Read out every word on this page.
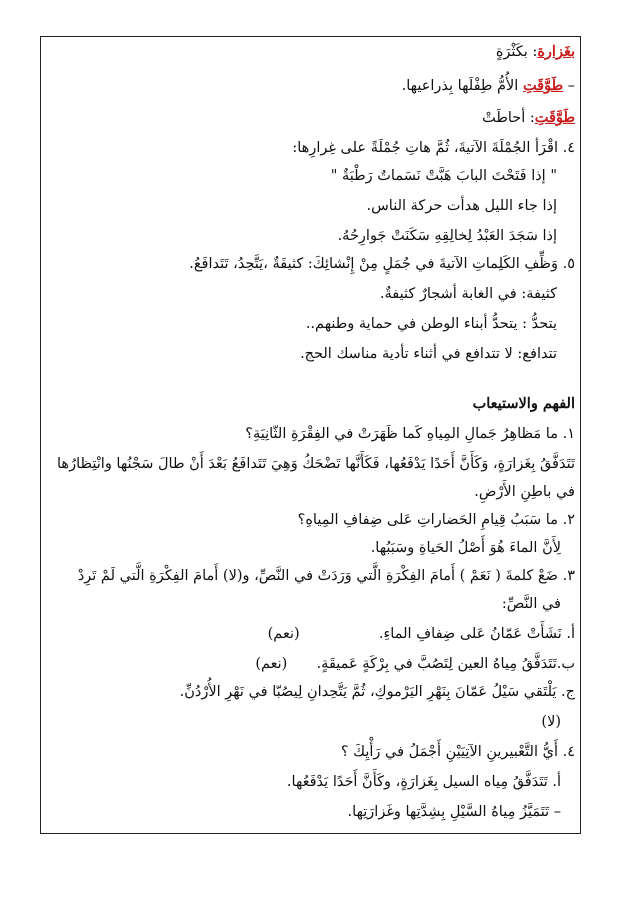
بغَزارة: بكَثْرَةٍ
– طَوَّقَتِ الأُمُّ طِفْلَها بِذراعيها.
طَوَّقَتِ: أحاطَتْ
٤. اقْرَأ الجُمْلَةَ الآتيةَ، ثُمَّ هاتِ جُمْلَةً على غِرارِها:
" إذا فَتَحْتَ البابَ هَبَّتْ نَسَماتٌ رَطْبَةٌ "
إذا جاء الليل هدأت حركة الناس.
إذا سَجَدَ العَبْدُ لِخالِقِهِ سَكَنَتْ جَوارِحُهُ.
٥. وَظِّفِ الكَلِماتِ الآتيةَ في جُمَلٍ مِنْ إِنْشائِكَ: كثيفَةٌ ،يَتَّحِدُ، تَتَدافَعُ.
كثيفة: في الغابة أشجارٌ كثيفةٌ.
يتحدُّ : يتحدُّ أبناء الوطن في حماية وطنهم..
تتدافع: لا تتدافع في أثناء تأدية مناسك الحج.
الفهم والاستيعاب
١. ما مَظاهِرُ جَمالِ المِياهِ كَما ظَهَرَتْ في الفِقْرَةِ الثّانِيَةِ؟
تَتَدَفَّقُ بِغَزارَةٍ، وَكَأَنَّ أَحَدًا يَدْفَعُها، فَكَأَنَّها تَضْحَكُ وَهِيَ تَتَدافَعُ بَعْدَ أَنْ طالَ سَجْنُها وانْتِظارُها
في باطِنِ الأَرْضِ.
٢. ما سَبَبُ قِيامِ الحَضاراتِ عَلى ضِفافِ المِياهِ؟
لِأَنَّ الماءَ هُوَ أَصْلُ الحَياةِ وسَبَبُها.
٣. ضَعْ كلمةَ ( نَعَمْ ) أَمامَ الفِكْرَةِ الَّتي وَرَدَتْ في النَّصِّ، و(لا) أَمامَ الفِكْرَةِ الَّتي لَمْ تَرِدْ
في النَّصِّ:
أ. نَشَأَتْ عَمّانُ عَلى ضِفافِ الماءِ.  (نعم)
ب.تَتَدَفَّقُ مِياهُ العين لِتَصُبَّ في بِرْكَةٍ عَميقَةٍ.  (نعم)
ج. يَلْتَقي سَيْلُ عَمّانَ بِنَهْرِ اليَرْموكِ، ثُمَّ يَتَّحِدانِ لِيصُبّا في نَهْرِ الأُرْدُنِّ.
(لا)
٤. أَيُّ التَّعْبيرينِ الآتِيَيْنِ أَجْمَلُ في رَأْيِكَ ؟
أ. تَتَدَفَّقُ مِياه السيل بِغَزارَةٍ، وكَأَنَّ أَحَدًا يَدْفَعُها.
– تَتَمَيَّزُ مِياهُ السَّيْلِ بِشِدَّتِها وغَزارَتِها.
